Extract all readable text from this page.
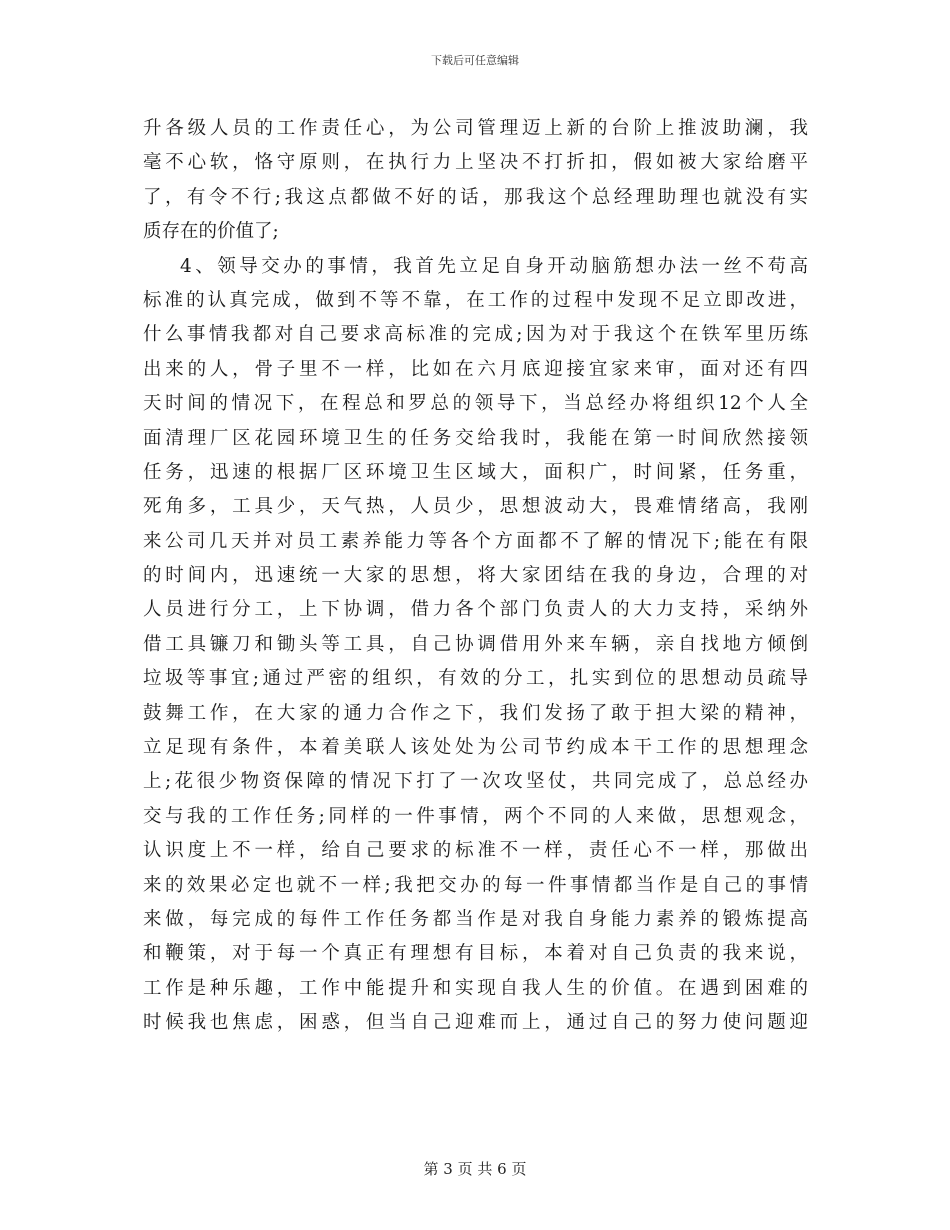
下载后可任意编辑
升各级人员的工作责任心，为公司管理迈上新的台阶上推波助澜，我
毫不心软，恪守原则，在执行力上坚决不打折扣，假如被大家给磨平
了，有令不行;我这点都做不好的话，那我这个总经理助理也就没有实
质存在的价值了;
4、领导交办的事情，我首先立足自身开动脑筋想办法一丝不苟高
标准的认真完成，做到不等不靠，在工作的过程中发现不足立即改进，
什么事情我都对自己要求高标准的完成;因为对于我这个在铁军里历练
出来的人，骨子里不一样，比如在六月底迎接宜家来审，面对还有四
天时间的情况下，在程总和罗总的领导下，当总经办将组织12个人全
面清理厂区花园环境卫生的任务交给我时，我能在第一时间欣然接领
任务，迅速的根据厂区环境卫生区域大，面积广，时间紧，任务重，
死角多，工具少，天气热，人员少，思想波动大，畏难情绪高，我刚
来公司几天并对员工素养能力等各个方面都不了解的情况下;能在有限
的时间内，迅速统一大家的思想，将大家团结在我的身边，合理的对
人员进行分工，上下协调，借力各个部门负责人的大力支持，采纳外
借工具镰刀和锄头等工具，自己协调借用外来车辆，亲自找地方倾倒
垃圾等事宜;通过严密的组织，有效的分工，扎实到位的思想动员疏导
鼓舞工作，在大家的通力合作之下，我们发扬了敢于担大梁的精神，
立足现有条件，本着美联人该处处为公司节约成本干工作的思想理念
上;花很少物资保障的情况下打了一次攻坚仗，共同完成了，总总经办
交与我的工作任务;同样的一件事情，两个不同的人来做，思想观念，
认识度上不一样，给自己要求的标准不一样，责任心不一样，那做出
来的效果必定也就不一样;我把交办的每一件事情都当作是自己的事情
来做，每完成的每件工作任务都当作是对我自身能力素养的锻炼提高
和鞭策，对于每一个真正有理想有目标，本着对自己负责的我来说，
工作是种乐趣，工作中能提升和实现自我人生的价值。在遇到困难的
时候我也焦虑，困惑，但当自己迎难而上，通过自己的努力使问题迎
第 3 页 共 6 页
